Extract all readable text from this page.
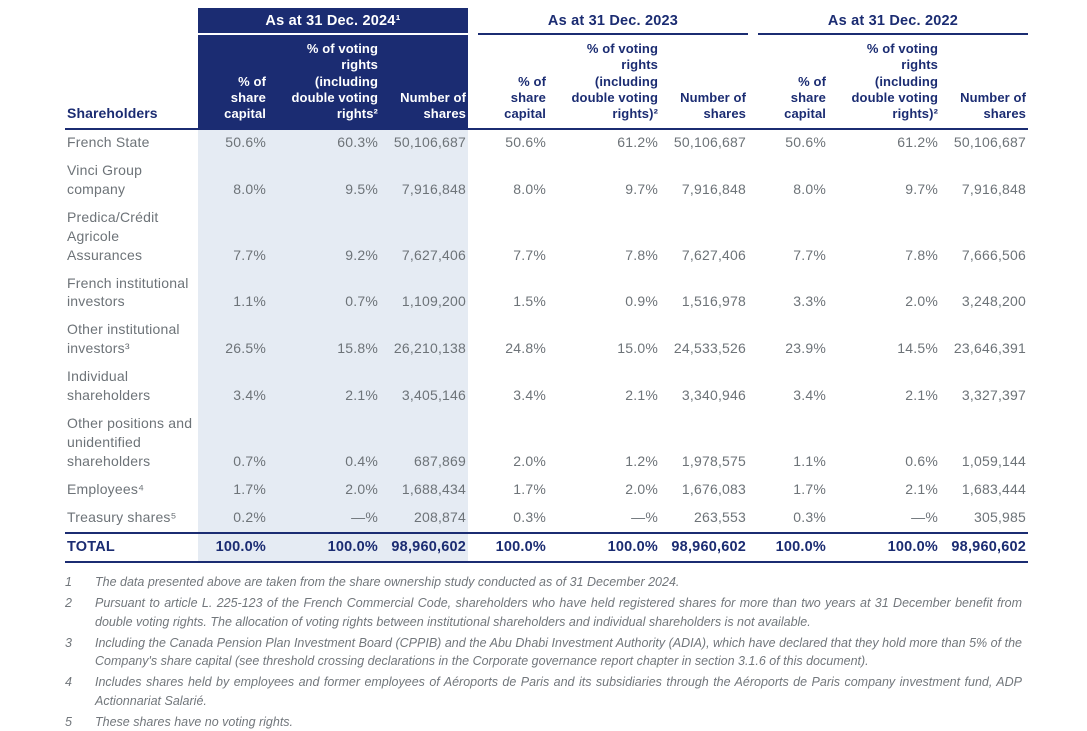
	As at 31 Dec. 2024¹				As at 31 Dec. 2023				As at 31 Dec. 2022		
Shareholders	% of share capital	% of voting rights (including double voting rights²	Number of shares		% of share capital	% of voting rights (including double voting rights)²	Number of shares		% of share capital	% of voting rights (including double voting rights)²	Number of shares
French State	50.6%	60.3%	50,106,687		50.6%	61.2%	50,106,687		50.6%	61.2%	50,106,687
Vinci Group company	8.0%	9.5%	7,916,848		8.0%	9.7%	7,916,848		8.0%	9.7%	7,916,848
Predica/Crédit Agricole Assurances	7.7%	9.2%	7,627,406		7.7%	7.8%	7,627,406		7.7%	7.8%	7,666,506
French institutional investors	1.1%	0.7%	1,109,200		1.5%	0.9%	1,516,978		3.3%	2.0%	3,248,200
Other institutional investors³	26.5%	15.8%	26,210,138		24.8%	15.0%	24,533,526		23.9%	14.5%	23,646,391
Individual shareholders	3.4%	2.1%	3,405,146		3.4%	2.1%	3,340,946		3.4%	2.1%	3,327,397
Other positions and unidentified shareholders	0.7%	0.4%	687,869		2.0%	1.2%	1,978,575		1.1%	0.6%	1,059,144
Employees⁴	1.7%	2.0%	1,688,434		1.7%	2.0%	1,676,083		1.7%	2.1%	1,683,444
Treasury shares⁵	0.2%	—%	208,874		0.3%	—%	263,553		0.3%	—%	305,985
TOTAL	100.0%	100.0%	98,960,602		100.0%	100.0%	98,960,602		100.0%	100.0%	98,960,602
1	The data presented above are taken from the share ownership study conducted as of 31 December 2024.
2	Pursuant to article L. 225-123 of the French Commercial Code, shareholders who have held registered shares for more than two years at 31 December benefit from double voting rights. The allocation of voting rights between institutional shareholders and individual shareholders is not available.
3	Including the Canada Pension Plan Investment Board (CPPIB) and the Abu Dhabi Investment Authority (ADIA), which have declared that they hold more than 5% of the Company's share capital (see threshold crossing declarations in the Corporate governance report chapter in section 3.1.6 of this document).
4	Includes shares held by employees and former employees of Aéroports de Paris and its subsidiaries through the Aéroports de Paris company investment fund, ADP Actionnariat Salarié.
5	These shares have no voting rights.
